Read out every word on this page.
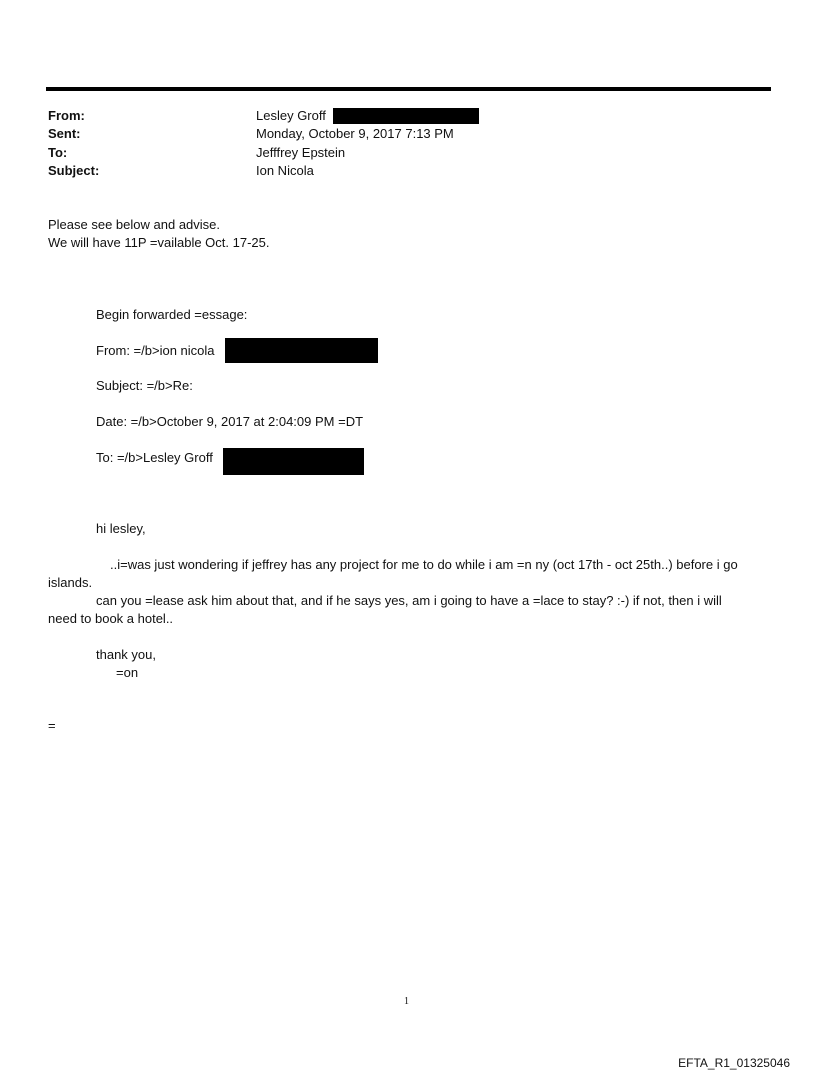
From:
Sent:
To:
Subject:
Lesley Groff
Monday, October 9, 2017 7:13 PM
Jefffrey Epstein
Ion Nicola
Please see below and advise.
We will have 11P =vailable Oct. 17-25.
Begin forwarded =essage:
From: =/b>ion nicola
Subject: =/b>Re:
Date: =/b>October 9, 2017 at 2:04:09 PM =DT
To: =/b>Lesley Groff
hi lesley,
..i=was just wondering if jeffrey has any project for me to do while i am =n ny (oct 17th - oct 25th..) before i go
islands.
can you =lease ask him about that, and if he says yes, am i going to have a =lace to stay? :-) if not, then i will
need to book a hotel..
thank you,
=on
=
1
EFTA_R1_01325046
